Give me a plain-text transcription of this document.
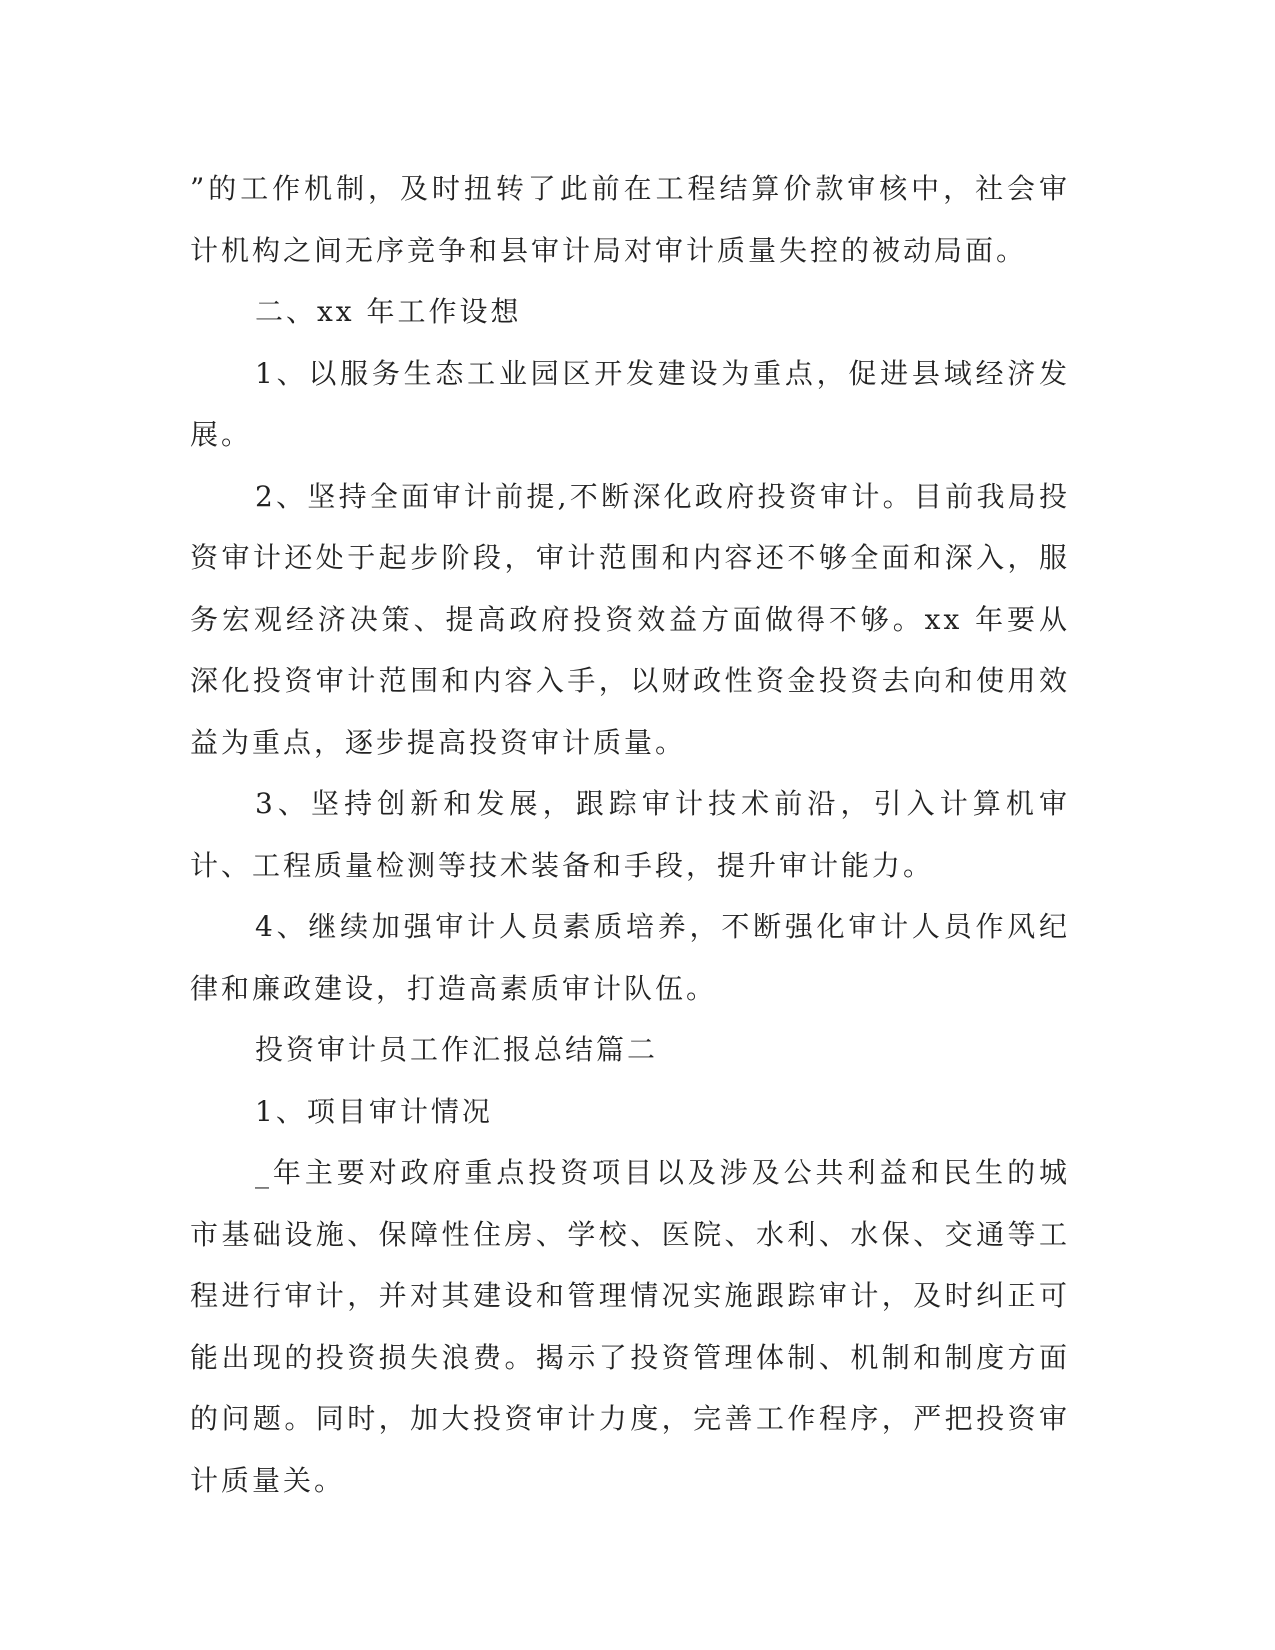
”的工作机制，及时扭转了此前在工程结算价款审核中，社会审计机构之间无序竞争和县审计局对审计质量失控的被动局面。

二、xx 年工作设想

1、以服务生态工业园区开发建设为重点，促进县域经济发展。

2、坚持全面审计前提,不断深化政府投资审计。目前我局投资审计还处于起步阶段，审计范围和内容还不够全面和深入，服务宏观经济决策、提高政府投资效益方面做得不够。xx 年要从深化投资审计范围和内容入手，以财政性资金投资去向和使用效益为重点，逐步提高投资审计质量。

3、坚持创新和发展，跟踪审计技术前沿，引入计算机审计、工程质量检测等技术装备和手段，提升审计能力。

4、继续加强审计人员素质培养，不断强化审计人员作风纪律和廉政建设，打造高素质审计队伍。

投资审计员工作汇报总结篇二

1、项目审计情况

_年主要对政府重点投资项目以及涉及公共利益和民生的城市基础设施、保障性住房、学校、医院、水利、水保、交通等工程进行审计，并对其建设和管理情况实施跟踪审计，及时纠正可能出现的投资损失浪费。揭示了投资管理体制、机制和制度方面的问题。同时，加大投资审计力度，完善工作程序，严把投资审计质量关。
